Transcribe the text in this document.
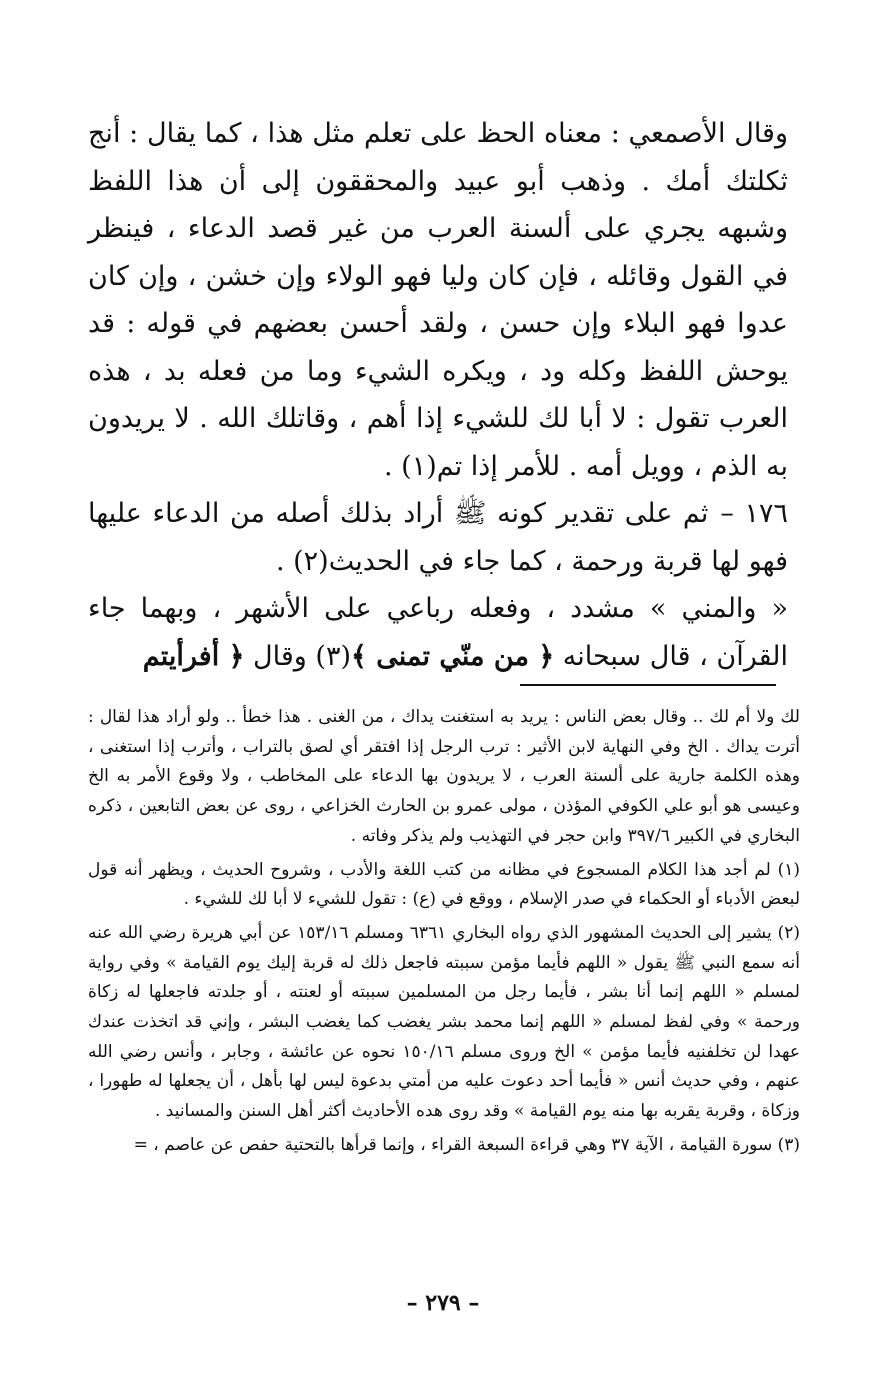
وقال الأصمعي : معناه الحظ على تعلم مثل هذا ، كما يقال : أنج ثكلتك أمك . وذهب أبو عبيد والمحققون إلى أن هذا اللفظ وشبهه يجري على ألسنة العرب من غير قصد الدعاء ، فينظر في القول وقائله ، فإن كان وليا فهو الولاء وإن خشن ، وإن كان عدوا فهو البلاء وإن حسن ، ولقد أحسن بعضهم في قوله : قد يوحش اللفظ وكله ود ، ويكره الشيء وما من فعله بد ، هذه العرب تقول : لا أبا لك للشيء إذا أهم ، وقاتلك الله . لا يريدون به الذم ، وويل أمه . للأمر إذا تم(١) .

١٧٦ –ثم على تقدير كونه ﷺ أراد بذلك أصله من الدعاء عليها فهو لها قربة ورحمة ، كما جاء في الحديث(٢) .

« والمني » مشدد ، وفعله رباعي على الأشهر ، وبهما جاء القرآن ، قال سبحانه ﴿ من منّي تمنى ﴾(٣) وقال ﴿ أفرأيتم

لك ولا أم لك .. وقال بعض الناس : يريد به استغنت يداك ، من الغنى . هذا خطأ .. ولو أراد هذا لقال : أترت يداك . الخ وفي النهاية لابن الأثير : ترب الرجل إذا افتقر أي لصق بالتراب ، وأترب إذا استغنى ، وهذه الكلمة جارية على ألسنة العرب ، لا يريدون بها الدعاء على المخاطب ، ولا وقوع الأمر به الخ وعيسى هو أبو علي الكوفي المؤذن ، مولى عمرو بن الحارث الخزاعي ، روى عن بعض التابعين ، ذكره البخاري في الكبير ٣٩٧/٦ وابن حجر في التهذيب ولم يذكر وفاته .

(١) لم أجد هذا الكلام المسجوع في مظانه من كتب اللغة والأدب ، وشروح الحديث ، ويظهر أنه قول لبعض الأدباء أو الحكماء في صدر الإسلام ، ووقع في (ع) : تقول للشيء لا أبا لك للشيء .

(٢) يشير إلى الحديث المشهور الذي رواه البخاري ٦٣٦١ ومسلم ١٥٣/١٦ عن أبي هريرة رضي الله عنه أنه سمع النبي ﷺ يقول « اللهم فأيما مؤمن سببته فاجعل ذلك له قربة إليك يوم القيامة » وفي رواية لمسلم « اللهم إنما أنا بشر ، فأيما رجل من المسلمين سببته أو لعنته ، أو جلدته فاجعلها له زكاة ورحمة » وفي لفظ لمسلم « اللهم إنما محمد بشر يغضب كما يغضب البشر ، وإني قد اتخذت عندك عهدا لن تخلفنيه فأيما مؤمن » الخ وروى مسلم ١٥٠/١٦ نحوه عن عائشة ، وجابر ، وأنس رضي الله عنهم ، وفي حديث أنس « فأيما أحد دعوت عليه من أمتي بدعوة ليس لها بأهل ، أن يجعلها له طهورا ، وزكاة ، وقربة يقربه بها منه يوم القيامة » وقد روى هده الأحاديث أكثر أهل السنن والمسانيد .

(٣) سورة القيامة ، الآية ٣٧ وهي قراءة السبعة القراء ، وإنما قرأها بالتحتية حفص عن عاصم ، =

– ٢٧٩ –
